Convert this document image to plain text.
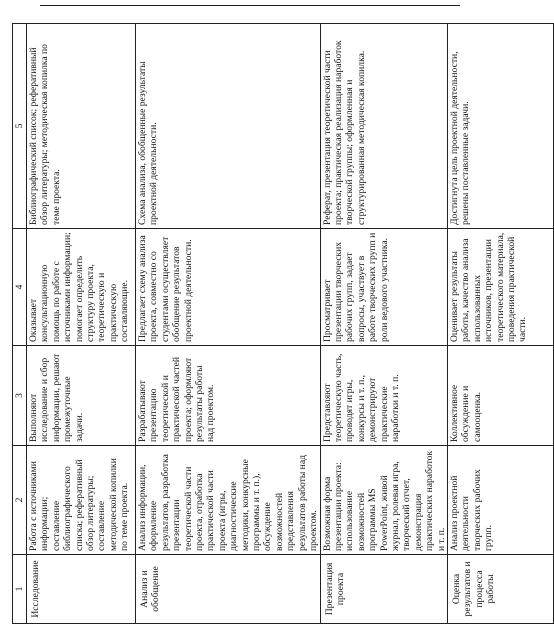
1	2	3	4	5

Исследование	Работа с источниками информации; составление библиографического списка; реферативный обзор литературы; составление методической копилки по теме проекта.	Выполняют исследование и сбор информации, решают промежуточные задачи.	Оказывает консультационную помощь по работе с источниками информации; помогает определить структуру проекта, теоретическую и практическую составляющие.	Библиографический список; реферативный обзор литературы; методическая копилка по теме проекта.

Анализ и обобщение	Анализ информации, оформление результатов, разработка презентации теоретической части проекта, отработка практической части проекта (игры, диагностические методики, конкурсные программы и т. п.), обсуждение возможностей представления результатов работы над проектом.	Разрабатывают презентацию теоретической и практической частей проекта; оформляют результаты работы над проектом.	Предлагает схему анализа проекта, совместно со студентами осуществляет обобщение результатов проектной деятельности.	Схема анализа, обобщенные результаты проектной деятельности.

Презентация проекта	Возможная форма презентации проекта: использование возможностей программы MS PowerPoint, живой журнал, ролевая игра, творческий отчет, демонстрация практических наработок и т. п.	Представляют теоретическую часть, проводят игры, конкурсы и т. п., демонстрируют практические наработки и т. п.	Просматривает презентации творческих рабочих групп, задает вопросы, участвует в работе творческих групп и роли ведового участника.	Реферат, презентация теоретической части проекта; практическая реализация наработок творческой группы; оформленная и структурированная методическая копилка.

Оценка результатов и процесса работы	Анализ проектной деятельности творческих рабочих групп.	Коллективное обсуждение и самооценка.	Оценивает результаты работы, качество анализа использованных источников, презентации теоретического материала, проведения практической части.	Достигнута цель проектной деятельности, решены поставленные задачи.
